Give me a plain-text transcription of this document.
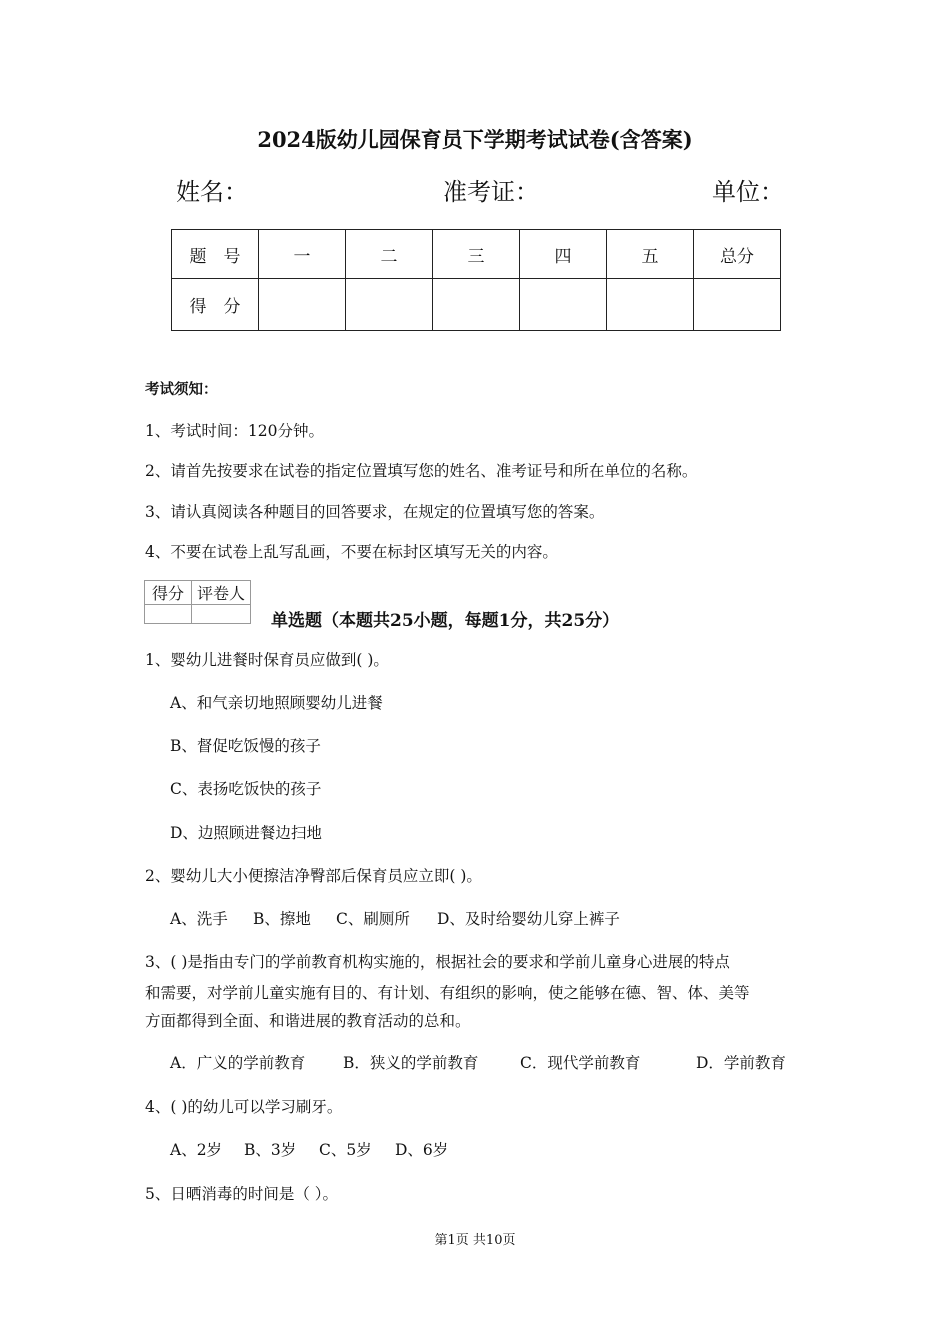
2024版幼儿园保育员下学期考试试卷(含答案)
姓名：	准考证：	单位：
题　号	一	二	三	四	五	总分
得　分						
考试须知：
1、考试时间：120分钟。
2、请首先按要求在试卷的指定位置填写您的姓名、准考证号和所在单位的名称。
3、请认真阅读各种题目的回答要求，在规定的位置填写您的答案。
4、不要在试卷上乱写乱画，不要在标封区填写无关的内容。
得分	评卷人

单选题（本题共25小题，每题1分，共25分）
1、婴幼儿进餐时保育员应做到( )。
A、和气亲切地照顾婴幼儿进餐
B、督促吃饭慢的孩子
C、表扬吃饭快的孩子
D、边照顾进餐边扫地
2、婴幼儿大小便擦洁净臀部后保育员应立即( )。
A、洗手 B、擦地 C、刷厕所 D、及时给婴幼儿穿上裤子
3、( )是指由专门的学前教育机构实施的，根据社会的要求和学前儿童身心进展的特点
和需要，对学前儿童实施有目的、有计划、有组织的影响，使之能够在德、智、体、美等
方面都得到全面、和谐进展的教育活动的总和。
A．广义的学前教育 B．狭义的学前教育	C．现代学前教育	D．学前教育
4、( )的幼儿可以学习刷牙。
A、2岁 B、3岁 C、5岁 D、6岁
5、日晒消毒的时间是（ ）。
第1页 共10页
